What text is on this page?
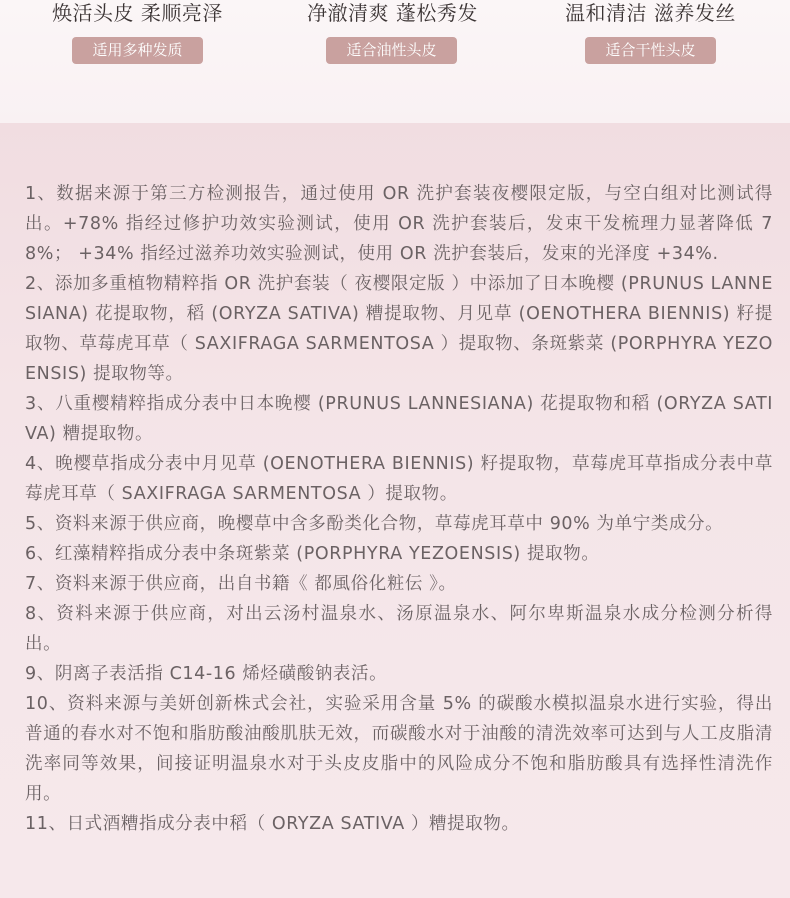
焕活头皮 柔顺亮泽
适用多种发质
净澈清爽 蓬松秀发
适合油性头皮
温和清洁 滋养发丝
适合干性头皮
1、数据来源于第三方检测报告，通过使用 OR 洗护套装夜樱限定版，与空白组对比测试得出。+78% 指经过修护功效实验测试，使用 OR 洗护套装后，发束干发梳理力显著降低 78%； +34% 指经过滋养功效实验测试，使用 OR 洗护套装后，发束的光泽度 +34%.
2、添加多重植物精粹指 OR 洗护套装（ 夜樱限定版 ）中添加了日本晚樱 (PRUNUS LANNESIANA) 花提取物，稻 (ORYZA SATIVA) 糟提取物、月见草 (OENOTHERA BIENNIS) 籽提取物、草莓虎耳草（ SAXIFRAGA SARMENTOSA ）提取物、条斑紫菜 (PORPHYRA YEZOENSIS) 提取物等。
3、八重樱精粹指成分表中日本晚樱 (PRUNUS LANNESIANA) 花提取物和稻 (ORYZA SATIVA) 糟提取物。
4、晚樱草指成分表中月见草 (OENOTHERA BIENNIS) 籽提取物，草莓虎耳草指成分表中草莓虎耳草（ SAXIFRAGA SARMENTOSA ）提取物。
5、资料来源于供应商，晚樱草中含多酚类化合物，草莓虎耳草中 90% 为单宁类成分。
6、红藻精粹指成分表中条斑紫菜 (PORPHYRA YEZOENSIS) 提取物。
7、资料来源于供应商，出自书籍《 都風俗化粧伝 》。
8、资料来源于供应商，对出云汤村温泉水、汤原温泉水、阿尔卑斯温泉水成分检测分析得出。
9、阴离子表活指 C14-16 烯烃磺酸钠表活。
10、资料来源与美妍创新株式会社，实验采用含量 5% 的碳酸水模拟温泉水进行实验，得出普通的春水对不饱和脂肪酸油酸肌肤无效，而碳酸水对于油酸的清洗效率可达到与人工皮脂清洗率同等效果，间接证明温泉水对于头皮皮脂中的风险成分不饱和脂肪酸具有选择性清洗作用。
11、日式酒糟指成分表中稻（ ORYZA SATIVA ）糟提取物。
